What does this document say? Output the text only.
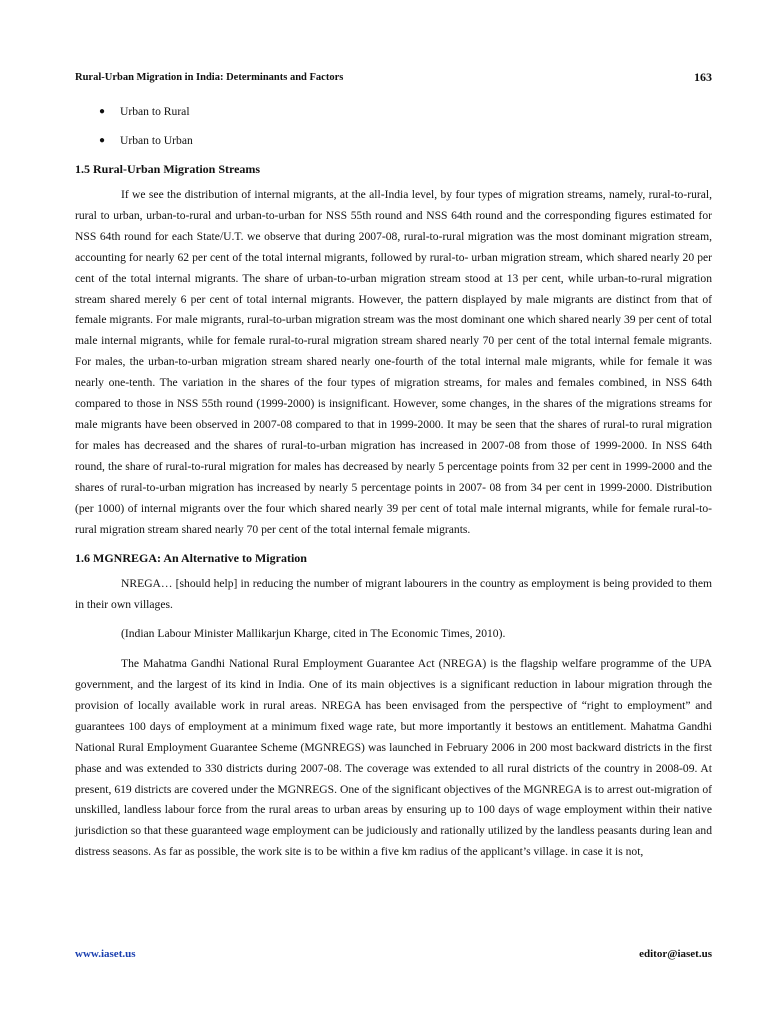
Rural-Urban Migration in India: Determinants and Factors	163
● Urban to Rural
● Urban to Urban
1.5 Rural-Urban Migration Streams

If we see the distribution of internal migrants, at the all-India level, by four types of migration streams, namely, rural-to-rural, rural to urban, urban-to-rural and urban-to-urban for NSS 55th round and NSS 64th round and the corresponding figures estimated for NSS 64th round for each State/U.T. we observe that during 2007-08, rural-to-rural migration was the most dominant migration stream, accounting for nearly 62 per cent of the total internal migrants, followed by rural-to- urban migration stream, which shared nearly 20 per cent of the total internal migrants. The share of urban-to-urban migration stream stood at 13 per cent, while urban-to-rural migration stream shared merely 6 per cent of total internal migrants. However, the pattern displayed by male migrants are distinct from that of female migrants. For male migrants, rural-to-urban migration stream was the most dominant one which shared nearly 39 per cent of total male internal migrants, while for female rural-to-rural migration stream shared nearly 70 per cent of the total internal female migrants. For males, the urban-to-urban migration stream shared nearly one-fourth of the total internal male migrants, while for female it was nearly one-tenth. The variation in the shares of the four types of migration streams, for males and females combined, in NSS 64th compared to those in NSS 55th round (1999-2000) is insignificant. However, some changes, in the shares of the migrations streams for male migrants have been observed in 2007-08 compared to that in 1999-2000. It may be seen that the shares of rural-to rural migration for males has decreased and the shares of rural-to-urban migration has increased in 2007-08 from those of 1999-2000. In NSS 64th round, the share of rural-to-rural migration for males has decreased by nearly 5 percentage points from 32 per cent in 1999-2000 and the shares of rural-to-urban migration has increased by nearly 5 percentage points in 2007- 08 from 34 per cent in 1999-2000. Distribution (per 1000) of internal migrants over the four which shared nearly 39 per cent of total male internal migrants, while for female rural-to-rural migration stream shared nearly 70 per cent of the total internal female migrants.

1.6 MGNREGA: An Alternative to Migration

NREGA… [should help] in reducing the number of migrant labourers in the country as employment is being provided to them in their own villages.

(Indian Labour Minister Mallikarjun Kharge, cited in The Economic Times, 2010).

The Mahatma Gandhi National Rural Employment Guarantee Act (NREGA) is the flagship welfare programme of the UPA government, and the largest of its kind in India. One of its main objectives is a significant reduction in labour migration through the provision of locally available work in rural areas. NREGA has been envisaged from the perspective of “right to employment” and guarantees 100 days of employment at a minimum fixed wage rate, but more importantly it bestows an entitlement. Mahatma Gandhi National Rural Employment Guarantee Scheme (MGNREGS) was launched in February 2006 in 200 most backward districts in the first phase and was extended to 330 districts during 2007-08. The coverage was extended to all rural districts of the country in 2008-09. At present, 619 districts are covered under the MGNREGS. One of the significant objectives of the MGNREGA is to arrest out-migration of unskilled, landless labour force from the rural areas to urban areas by ensuring up to 100 days of wage employment within their native jurisdiction so that these guaranteed wage employment can be judiciously and rationally utilized by the landless peasants during lean and distress seasons. As far as possible, the work site is to be within a five km radius of the applicant’s village. in case it is not,

www.iaset.us	editor@iaset.us
